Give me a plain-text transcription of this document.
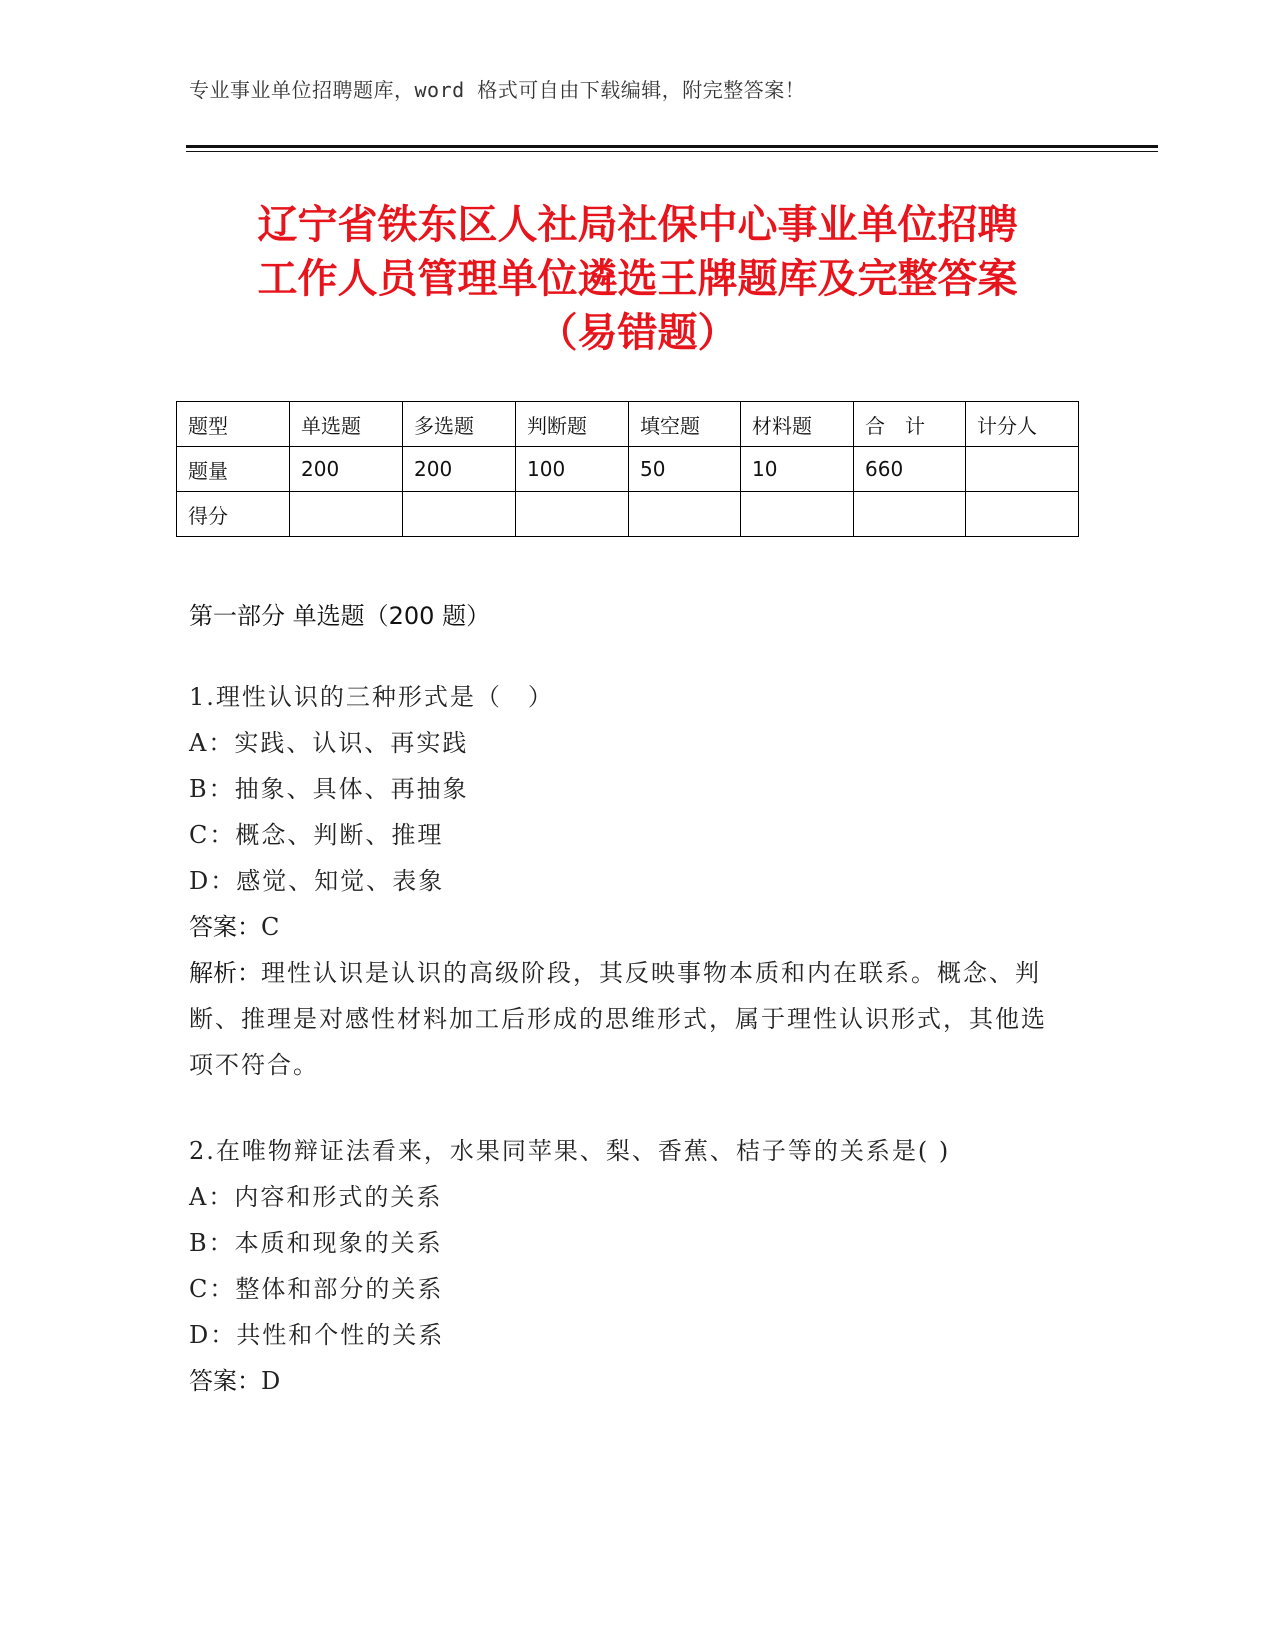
专业事业单位招聘题库，word 格式可自由下载编辑，附完整答案！
辽宁省铁东区人社局社保中心事业单位招聘
工作人员管理单位遴选王牌题库及完整答案
（易错题）
题型	单选题	多选题	判断题	填空题	材料题	合　计	计分人
题量	200	200	100	50	10	660	
得分							
第一部分 单选题（200 题）
1.理性认识的三种形式是（　）
A：实践、认识、再实践
B：抽象、具体、再抽象
C：概念、判断、推理
D：感觉、知觉、表象
答案：C
解析：理性认识是认识的高级阶段，其反映事物本质和内在联系。概念、判断、推理是对感性材料加工后形成的思维形式，属于理性认识形式，其他选项不符合。
2.在唯物辩证法看来，水果同苹果、梨、香蕉、桔子等的关系是( )
A：内容和形式的关系
B：本质和现象的关系
C：整体和部分的关系
D：共性和个性的关系
答案：D
